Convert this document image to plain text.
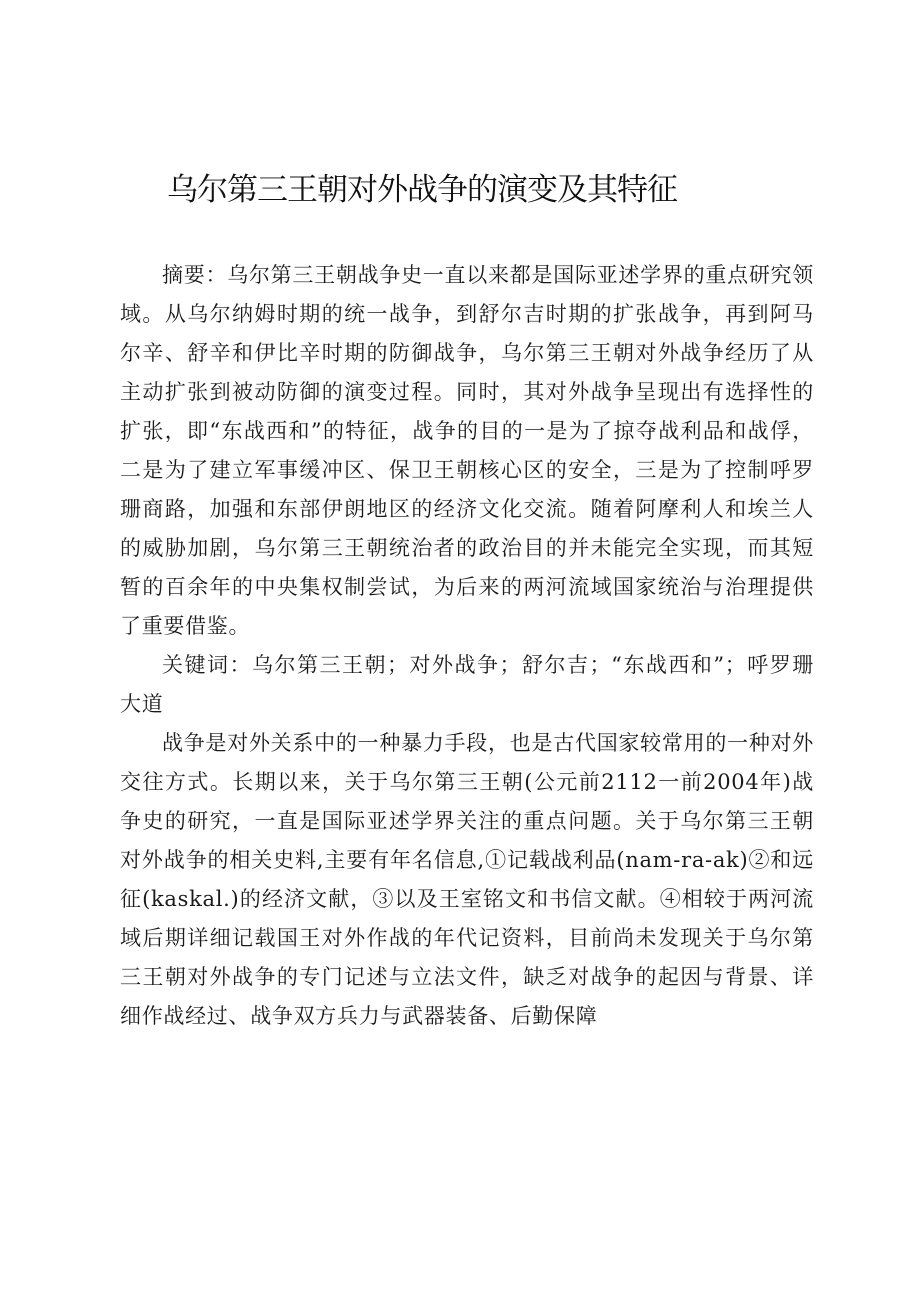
乌尔第三王朝对外战争的演变及其特征

摘要：乌尔第三王朝战争史一直以来都是国际亚述学界的重点研究领域。从乌尔纳姆时期的统一战争，到舒尔吉时期的扩张战争，再到阿马尔辛、舒辛和伊比辛时期的防御战争，乌尔第三王朝对外战争经历了从主动扩张到被动防御的演变过程。同时，其对外战争呈现出有选择性的扩张，即“东战西和”的特征，战争的目的一是为了掠夺战利品和战俘，二是为了建立军事缓冲区、保卫王朝核心区的安全，三是为了控制呼罗珊商路，加强和东部伊朗地区的经济文化交流。随着阿摩利人和埃兰人的威胁加剧，乌尔第三王朝统治者的政治目的并未能完全实现，而其短暂的百余年的中央集权制尝试，为后来的两河流域国家统治与治理提供了重要借鉴。

关键词：乌尔第三王朝；对外战争；舒尔吉；“东战西和”；呼罗珊大道

战争是对外关系中的一种暴力手段，也是古代国家较常用的一种对外交往方式。长期以来，关于乌尔第三王朝(公元前2112一前2004年)战争史的研究，一直是国际亚述学界关注的重点问题。关于乌尔第三王朝对外战争的相关史料,主要有年名信息,①记载战利品(nam-ra-ak)②和远征(kaskal.)的经济文献，③以及王室铭文和书信文献。④相较于两河流域后期详细记载国王对外作战的年代记资料，目前尚未发现关于乌尔第三王朝对外战争的专门记述与立法文件，缺乏对战争的起因与背景、详细作战经过、战争双方兵力与武器装备、后勤保障
